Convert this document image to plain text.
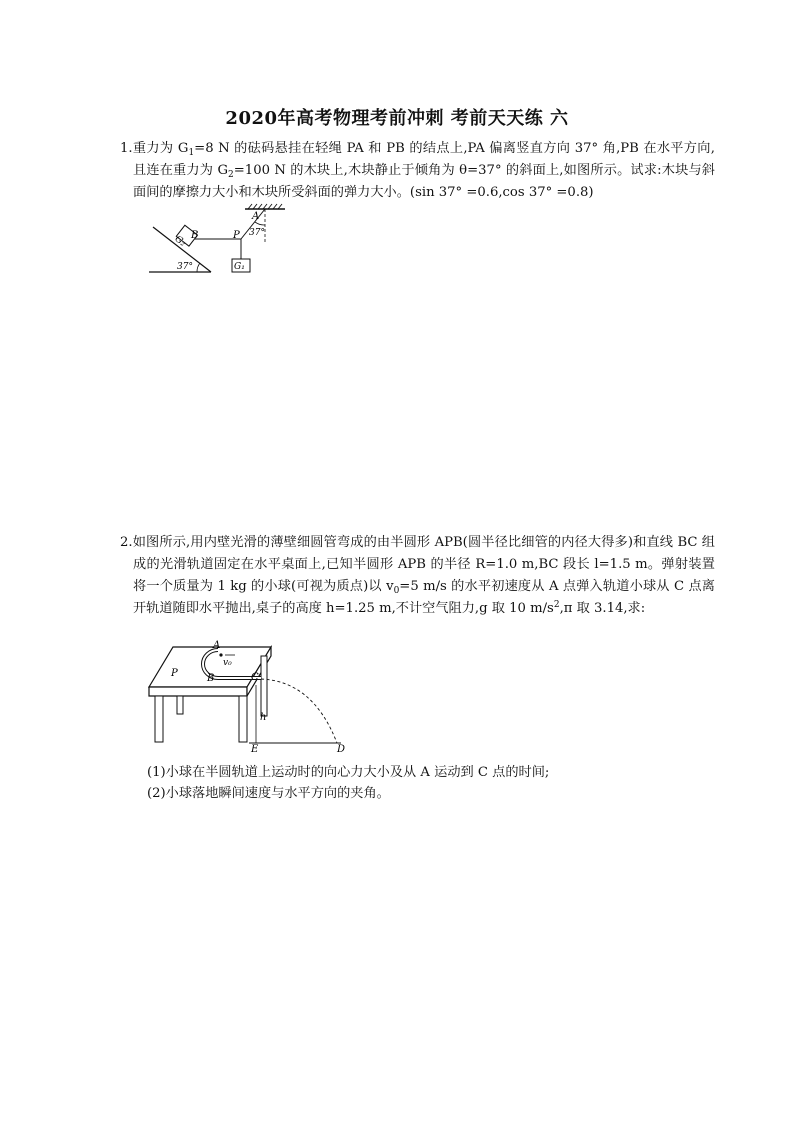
2020年高考物理考前冲刺 考前天天练 六

1.重力为 $G_1=8$ N 的砝码悬挂在轻绳 PA 和 PB 的结点上,PA 偏离竖直方向 37° 角,PB 在水平方向,且连在重力为 $G_2=100$ N 的木块上,木块静止于倾角为 θ=37° 的斜面上,如图所示。试求:木块与斜面间的摩擦力大小和木块所受斜面的弹力大小。(sin 37° =0.6,cos 37° =0.8)

A
B	P 37°
37°
G₂
G₁

2.如图所示,用内壁光滑的薄壁细圆管弯成的由半圆形 APB(圆半径比细管的内径大得多)和直线 BC 组成的光滑轨道固定在水平桌面上,已知半圆形 APB 的半径 R=1.0 m,BC 段长 l=1.5 m。弹射装置将一个质量为 1 kg 的小球(可视为质点)以 $v_0=5$ m/s 的水平初速度从 A 点弹入轨道小球从 C 点离开轨道随即水平抛出,桌子的高度 h=1.25 m,不计空气阻力,g 取 10 $m/s^2,\pi$ 取 3.14,求:

A
v₀
P	B	C
h
E	D
(1)小球在半圆轨道上运动时的向心力大小及从 A 运动到 C 点的时间;
(2)小球落地瞬间速度与水平方向的夹角。
